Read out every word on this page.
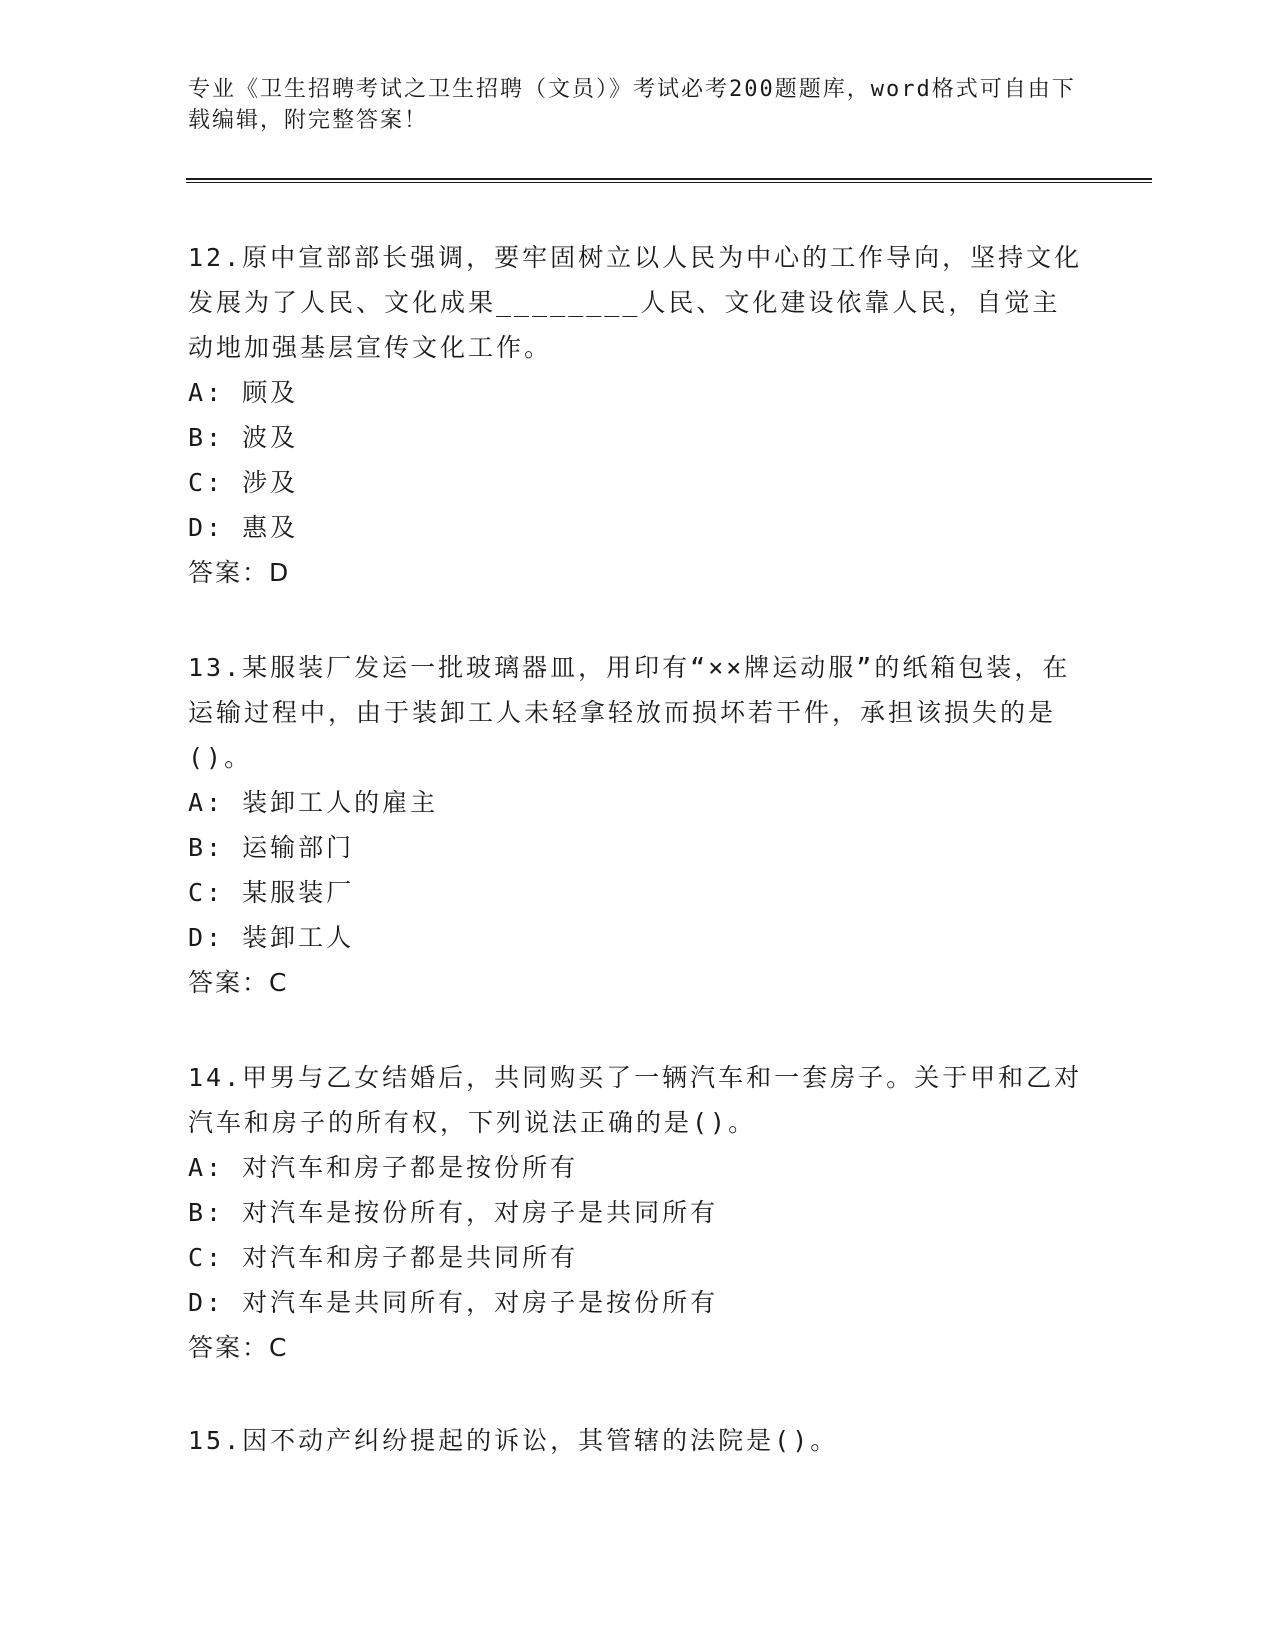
专业《卫生招聘考试之卫生招聘（文员）》考试必考200题题库，word格式可自由下载编辑，附完整答案！
12.原中宣部部长强调，要牢固树立以人民为中心的工作导向，坚持文化发展为了人民、文化成果________人民、文化建设依靠人民，自觉主动地加强基层宣传文化工作。
A: 顾及
B: 波及
C: 涉及
D: 惠及
答案：D
13.某服装厂发运一批玻璃器皿，用印有“××牌运动服”的纸箱包装，在运输过程中，由于装卸工人未轻拿轻放而损坏若干件，承担该损失的是()。
A: 装卸工人的雇主
B: 运输部门
C: 某服装厂
D: 装卸工人
答案：C
14.甲男与乙女结婚后，共同购买了一辆汽车和一套房子。关于甲和乙对汽车和房子的所有权，下列说法正确的是()。
A: 对汽车和房子都是按份所有
B: 对汽车是按份所有，对房子是共同所有
C: 对汽车和房子都是共同所有
D: 对汽车是共同所有，对房子是按份所有
答案：C
15.因不动产纠纷提起的诉讼，其管辖的法院是()。
